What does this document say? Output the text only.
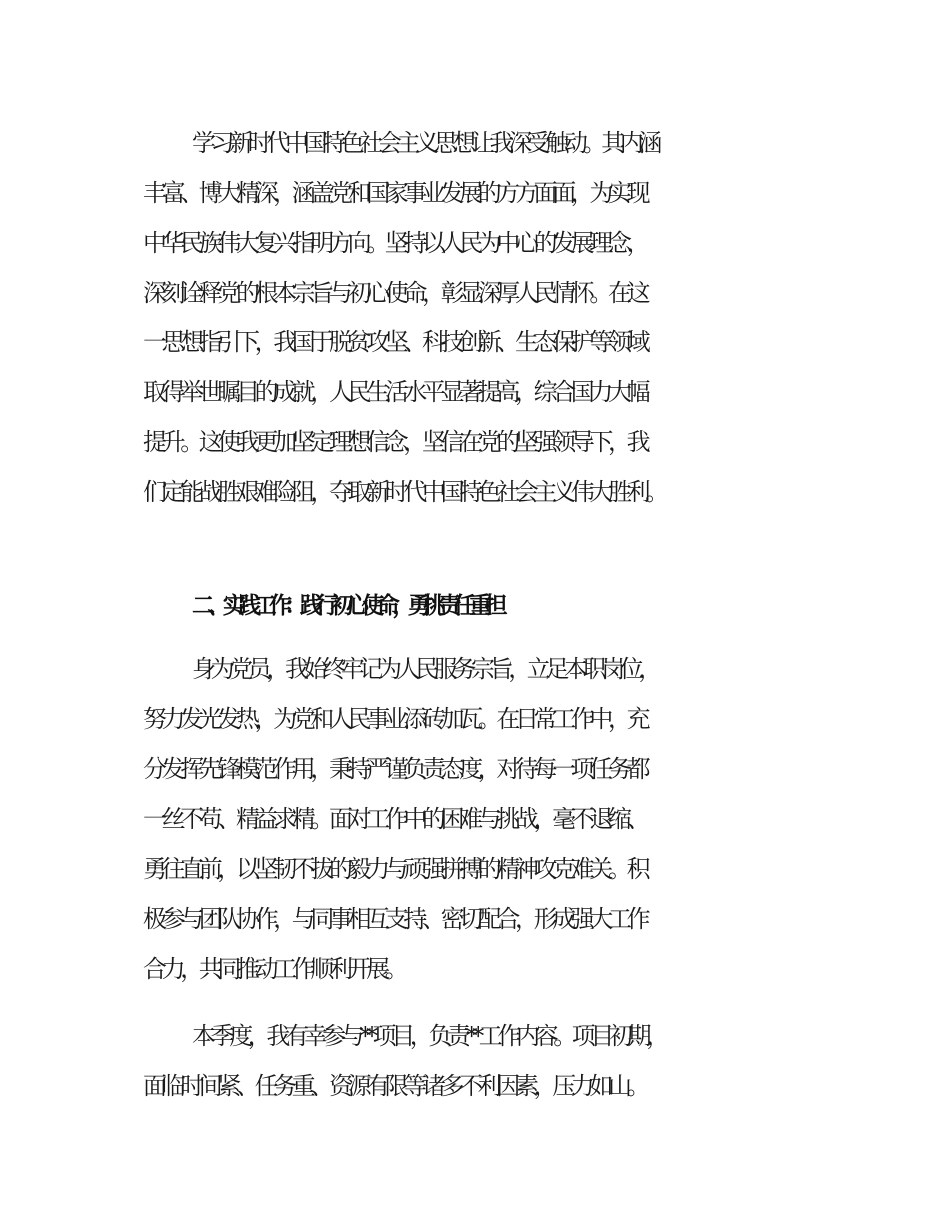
学习新时代中国特色社会主义思想让我深受触动。其内涵
丰富、博大精深，涵盖党和国家事业发展的方方面面，为实现
中华民族伟大复兴指明方向。坚持以人民为中心的发展理念，
深刻诠释党的根本宗旨与初心使命，彰显深厚人民情怀。在这
一思想指引下，我国于脱贫攻坚、科技创新、生态保护等领域
取得举世瞩目的成就，人民生活水平显著提高，综合国力大幅
提升。这使我更加坚定理想信念，坚信在党的坚强领导下，我
们定能战胜艰难险阻，夺取新时代中国特色社会主义伟大胜利。
二、实践工作：践行初心使命，勇挑责任重担
身为党员，我始终牢记为人民服务宗旨，立足本职岗位，
努力发光发热，为党和人民事业添砖加瓦。在日常工作中，充
分发挥先锋模范作用，秉持严谨负责态度，对待每一项任务都
一丝不苟、精益求精。面对工作中的困难与挑战，毫不退缩、
勇往直前，以坚韧不拔的毅力与顽强拼搏的精神攻克难关。积
极参与团队协作，与同事相互支持、密切配合，形成强大工作
合力，共同推动工作顺利开展。
本季度，我有幸参与**项目，负责**工作内容。项目初期，
面临时间紧、任务重、资源有限等诸多不利因素，压力如山。
